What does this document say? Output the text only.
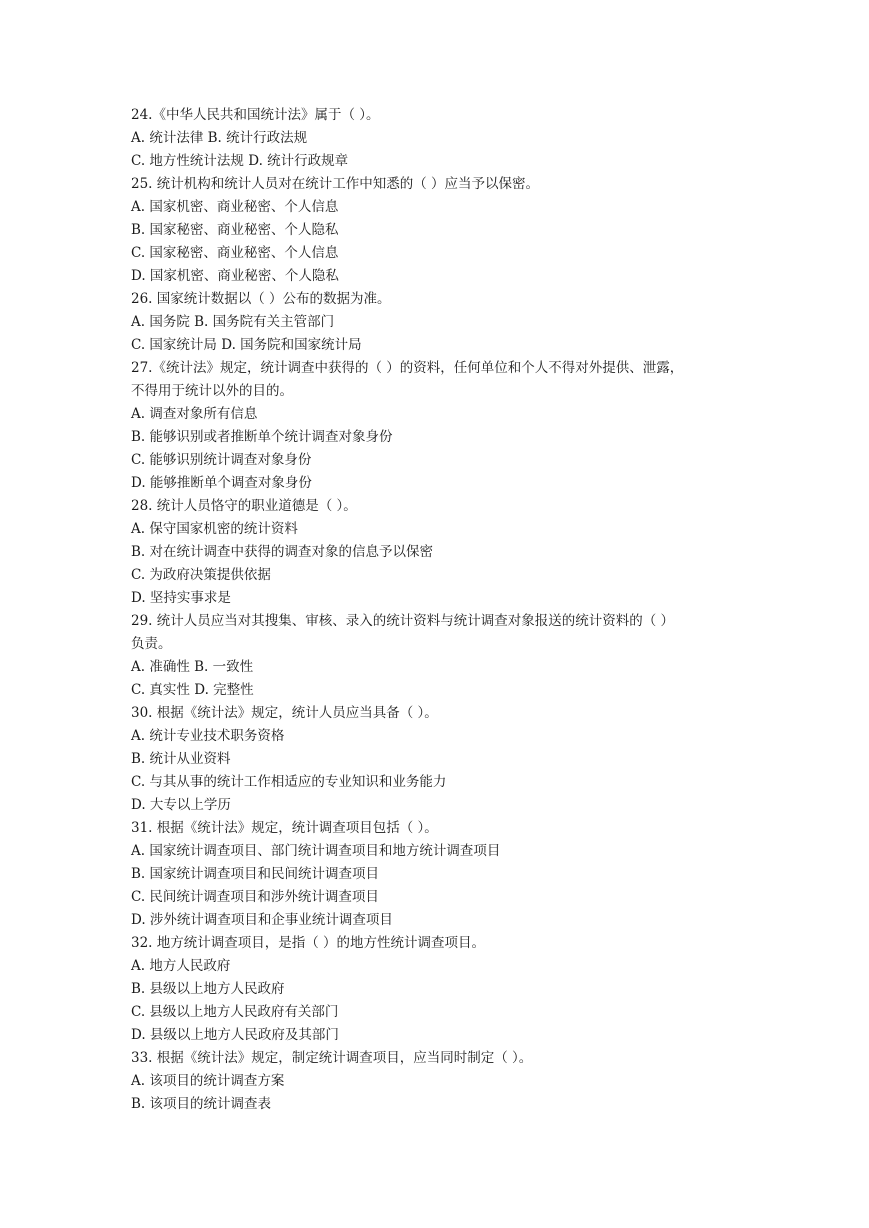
24.《中华人民共和国统计法》属于（ ）。
A. 统计法律 B. 统计行政法规
C. 地方性统计法规 D. 统计行政规章
25. 统计机构和统计人员对在统计工作中知悉的（ ）应当予以保密。
A. 国家机密、商业秘密、个人信息
B. 国家秘密、商业秘密、个人隐私
C. 国家秘密、商业秘密、个人信息
D. 国家机密、商业秘密、个人隐私
26. 国家统计数据以（ ）公布的数据为准。
A. 国务院 B. 国务院有关主管部门
C. 国家统计局 D. 国务院和国家统计局
27.《统计法》规定，统计调查中获得的（ ）的资料，任何单位和个人不得对外提供、泄露，
不得用于统计以外的目的。
A. 调查对象所有信息
B. 能够识别或者推断单个统计调查对象身份
C. 能够识别统计调查对象身份
D. 能够推断单个调查对象身份
28. 统计人员恪守的职业道德是（ ）。
A. 保守国家机密的统计资料
B. 对在统计调查中获得的调查对象的信息予以保密
C. 为政府决策提供依据
D. 坚持实事求是
29. 统计人员应当对其搜集、审核、录入的统计资料与统计调查对象报送的统计资料的（ ）
负责。
A. 准确性 B. 一致性
C. 真实性 D. 完整性
30. 根据《统计法》规定，统计人员应当具备（ ）。
A. 统计专业技术职务资格
B. 统计从业资料
C. 与其从事的统计工作相适应的专业知识和业务能力
D. 大专以上学历
31. 根据《统计法》规定，统计调查项目包括（ ）。
A. 国家统计调查项目、部门统计调查项目和地方统计调查项目
B. 国家统计调查项目和民间统计调查项目
C. 民间统计调查项目和涉外统计调查项目
D. 涉外统计调查项目和企事业统计调查项目
32. 地方统计调查项目，是指（ ）的地方性统计调查项目。
A. 地方人民政府
B. 县级以上地方人民政府
C. 县级以上地方人民政府有关部门
D. 县级以上地方人民政府及其部门
33. 根据《统计法》规定，制定统计调查项目，应当同时制定（ ）。
A. 该项目的统计调查方案
B. 该项目的统计调查表
